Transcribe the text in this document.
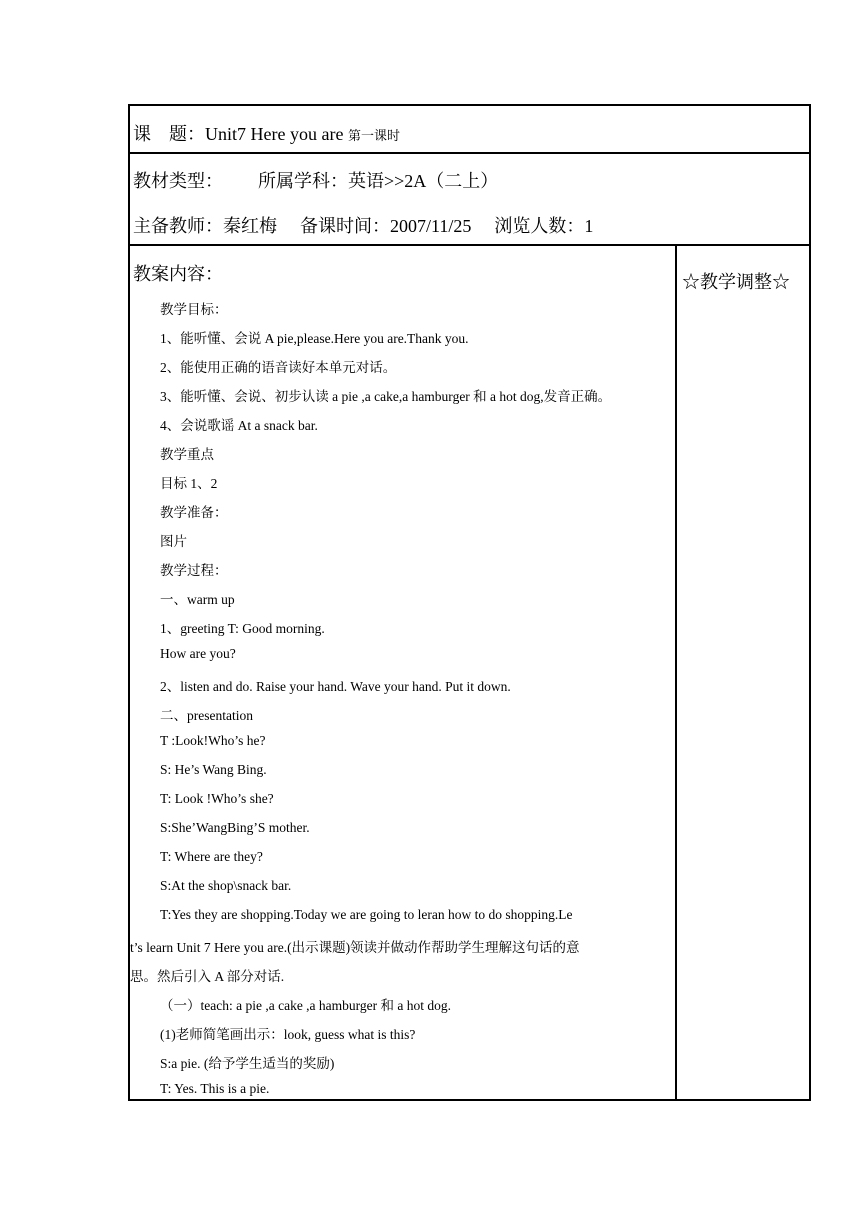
课　题：Unit7 Here you are 第一课时
教材类型： 所属学科：英语>>2A（二上）
主备教师：秦红梅 备课时间：2007/11/25 浏览人数：1
教案内容：	☆教学调整☆
教学目标：
1、能听懂、会说 A pie,please.Here you are.Thank you.
2、能使用正确的语音读好本单元对话。
3、能听懂、会说、初步认读 a pie ,a cake,a hamburger 和 a hot dog,发音正确。
4、会说歌谣 At a snack bar.
教学重点
目标 1、2
教学准备：
图片
教学过程：
一、warm up
1、greeting T: Good morning.
How are you?
2、listen and do. Raise your hand. Wave your hand. Put it down.
二、presentation
T :Look!Who’s he?
S: He’s Wang Bing.
T: Look !Who’s she?
S:She’WangBing’S mother.
T: Where are they?
S:At the shop\snack bar.
T:Yes they are shopping.Today we are going to leran how to do shopping.Le
t’s learn Unit 7 Here you are.(出示课题)领读并做动作帮助学生理解这句话的意
思。然后引入 A 部分对话.
（一）teach: a pie ,a cake ,a hamburger 和 a hot dog.
(1)老师简笔画出示：look, guess what is this?
S:a pie. (给予学生适当的奖励)
T: Yes. This is a pie.
